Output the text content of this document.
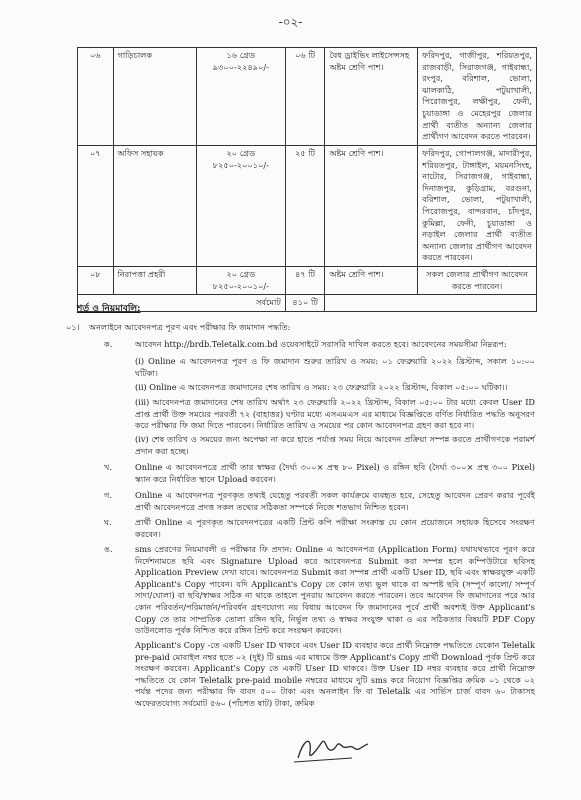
-০২-
০৬	গাড়িচালক	১৬ গ্রেড ৯৩০০-২২৪৯০/-	০৬ টি	বৈধ ড্রাইভিং লাইসেন্সসহ অষ্টম শ্রেণি পাশ।	ফরিদপুর, গাজীপুর, শরিয়তপুর, রাজবাড়ী, সিরাজগঞ্জ, গাইবান্ধা, রংপুর, বরিশাল, ভোলা, ঝালকাঠি, পটুয়াখালী, পিরোজপুর, লক্ষীপুর, ফেনী, চুয়াডাঙ্গা ও মেহেরপুর জেলার প্রার্থী ব্যতীত অন্যান্য জেলার প্রার্থীগণ আবেদন করতে পারবেন।
০৭	অফিস সহায়ক	২০ গ্রেড ৮২৫০-২০০১০/-	২৫ টি	অষ্টম শ্রেণি পাশ।	ফরিদপুর, গোপালগঞ্জ, মাদারীপুর, শরিয়তপুর, টাঙ্গাইল, ময়মনসিংহ, নাটোর, সিরাজগঞ্জ, গাইবান্ধা, দিনাজপুর, কুড়িগ্রাম, বরগুনা, বরিশাল, ভোলা, পটুয়াখালী, পিরোজপুর, বান্দরবান, চাঁদপুর, কুমিল্লা, ফেনী, চুয়াডাঙ্গা ও নড়াইল জেলার প্রার্থী ব্যতীত অন্যান্য জেলার প্রার্থীগণ আবেদন করতে পারবেন।
০৮	নিরাপত্তা প্রহরী	২০ গ্রেড ৮২৫০-২০০১০/-	৪৭ টি	অষ্টম শ্রেণি পাশ।	সকল জেলার প্রার্থীগণ আবেদন করতে পারবেন।
সর্বমোট			৪১০ টি		
শর্ত ও নিয়মাবলি:
০১। অনলাইনে আবেদনপত্র পূরণ এবং পরীক্ষার ফি জমাদান পদ্ধতি:
ক.	আবেদন http://brdb.Teletalk.com.bd ওয়েবসাইটে সরাসরি দাখিল করতে হবে। আবেদনের সময়সীমা নিম্নরূপ:
(i) Online এ আবেদনপত্র পূরণ ও ফি জমাদান শুরুর তারিখ ও সময়: ০১ ফেব্রুয়ারি ২০২২ খ্রিস্টাব্দ, সকাল ১০:০০ ঘটিকা।
(ii) Online এ আবেদনপত্র জমাদানের শেষ তারিখ ও সময়: ২৩ ফেব্রুয়ারি ২০২২ খ্রিস্টাব্দ, বিকাল ০৫:০০ ঘটিকা।।
(iii) আবেদনপত্র জমাদানের শেষ তারিখ অর্থাৎ ২৩ ফেব্রুয়ারি ২০২২ খ্রিস্টাব্দ, বিকাল ০৫:০০ টার মধ্যে কেবল User ID প্রাপ্ত প্রার্থী উক্ত সময়ের পরবর্তী ৭২ (বাহাত্তর) ঘণ্টার মধ্যে এসএমএস এর মাধ্যমে বিজ্ঞপ্তিতে বর্ণিত নির্ধারিত পদ্ধতি অনুসরণ করে পরীক্ষার ফি জমা দিতে পারবেন। নির্ধারিত তারিখ ও সময়ের পর কোন আবেদনপত্র গ্রহণ করা হবে না।
(iv) শেষ তারিখ ও সময়ের জন্য অপেক্ষা না করে হাতে পর্যাপ্ত সময় নিয়ে আবেদন প্রক্রিয়া সম্পন্ন করতে প্রার্থীগণকে পরামর্শ প্রদান করা হচ্ছে।
খ.	Online এ আবেদনপত্রে প্রার্থী তার স্বাক্ষর (দৈর্ঘ্য ৩০০× প্রস্থ ৮০ Pixel) ও রঙ্গিন ছবি (দৈর্ঘ্য ৩০০× প্রস্থ ৩০০ Pixel) স্ক্যান করে নির্ধারিত স্থানে Upload করবেন।
গ.	Online এ আবেদনপত্র পূরণকৃত তথ্যই যেহেতু পরবর্তী সকল কার্যক্রমে ব্যবহৃত হবে, সেহেতু আবেদন প্রেরণ করার পূর্বেই প্রার্থী আবেদনপত্রে প্রদত্ত সকল তথ্যের সঠিকতা সম্পর্কে নিজে শতভাগ নিশ্চিত হবেন।
ঘ.	প্রার্থী Online এ পূরণকৃত আবেদনপত্রের একটি প্রিন্ট কপি পরীক্ষা সংক্রান্ত যে কোন প্রয়োজনে সহায়ক হিসেবে সংরক্ষণ করবেন।
ঙ.	sms প্রেরণের নিয়মাবলী ও পরীক্ষার ফি প্রদান: Online এ আবেদনপত্র (Application Form) যথাযথভাবে পূরণ করে নির্দেশনামতে ছবি এবং Signature Upload করে আবেদনপত্র Submit করা সম্পন্ন হলে কম্পিউটারে ছবিসহ Application Preview দেখা যাবে। আবেদনপত্র Submit করা সম্পন্ন প্রার্থী একটি User ID, ছবি এবং স্বাক্ষরযুক্ত একটি Applicant's Copy পাবেন। যদি Applicant's Copy তে কোন তথ্য ভুল থাকে বা অস্পষ্ট ছবি (সম্পূর্ণ কালো/ সম্পূর্ণ সাদা/ঘোলা) বা ছবি/স্বাক্ষর সঠিক না থাকে তাহলে পুনরায় আবেদন করতে পারবেন। তবে আবেদন ফি জমাদানের পরে আর কোন পরিবর্তন/পরিমার্জন/পরিবর্ধন গ্রহণযোগ্য নয় বিধায় আবেদন ফি জমাদানের পূর্বে প্রার্থী অবশ্যই উক্ত Applicant's Copy তে তার সাম্প্রতিক তোলা রঙ্গিন ছবি, নির্ভুল তথ্য ও স্বাক্ষর সংযুক্ত থাকা ও এর সঠিকতার বিষয়টি PDF Copy ডাউনলোড পূর্বক নিশ্চিত করে রঙ্গিন প্রিন্ট করে সংরক্ষণ করবেন।
Applicant's Copy -তে একটি User ID থাকবে এবং User ID ব্যবহার করে প্রার্থী নিম্নোক্ত পদ্ধতিতে যেকোন Teletalk pre-paid মোবাইল নম্বর হতে ০২ (দুই) টি sms এর মাধ্যমে উক্ত Applicant's Copy প্রার্থী Download পূর্বক প্রিন্ট করে সংরক্ষণ করবেন। Applicant's Copy তে একটি User ID থাকবে। উক্ত User ID নম্বর ব্যবহার করে প্রার্থী নিম্নোক্ত পদ্ধতিতে যে কোন Teletalk pre-paid mobile নম্বরের মাধ্যমে দুটি sms করে নিয়োগ বিজ্ঞপ্তির ক্রমিক ০১ থেকে ০২ পর্যন্ত পদের জন্য পরীক্ষার ফি বাবদ ৫০০ টাকা এবং অনলাইন ফি বা Teletalk এর সার্ভিস চার্জ বাবদ ৬০ টাকাসহ অফেরতযোগ্য সর্বমোট ৫৬০ (পাঁচশত ষাট) টাকা, ক্রমিক
